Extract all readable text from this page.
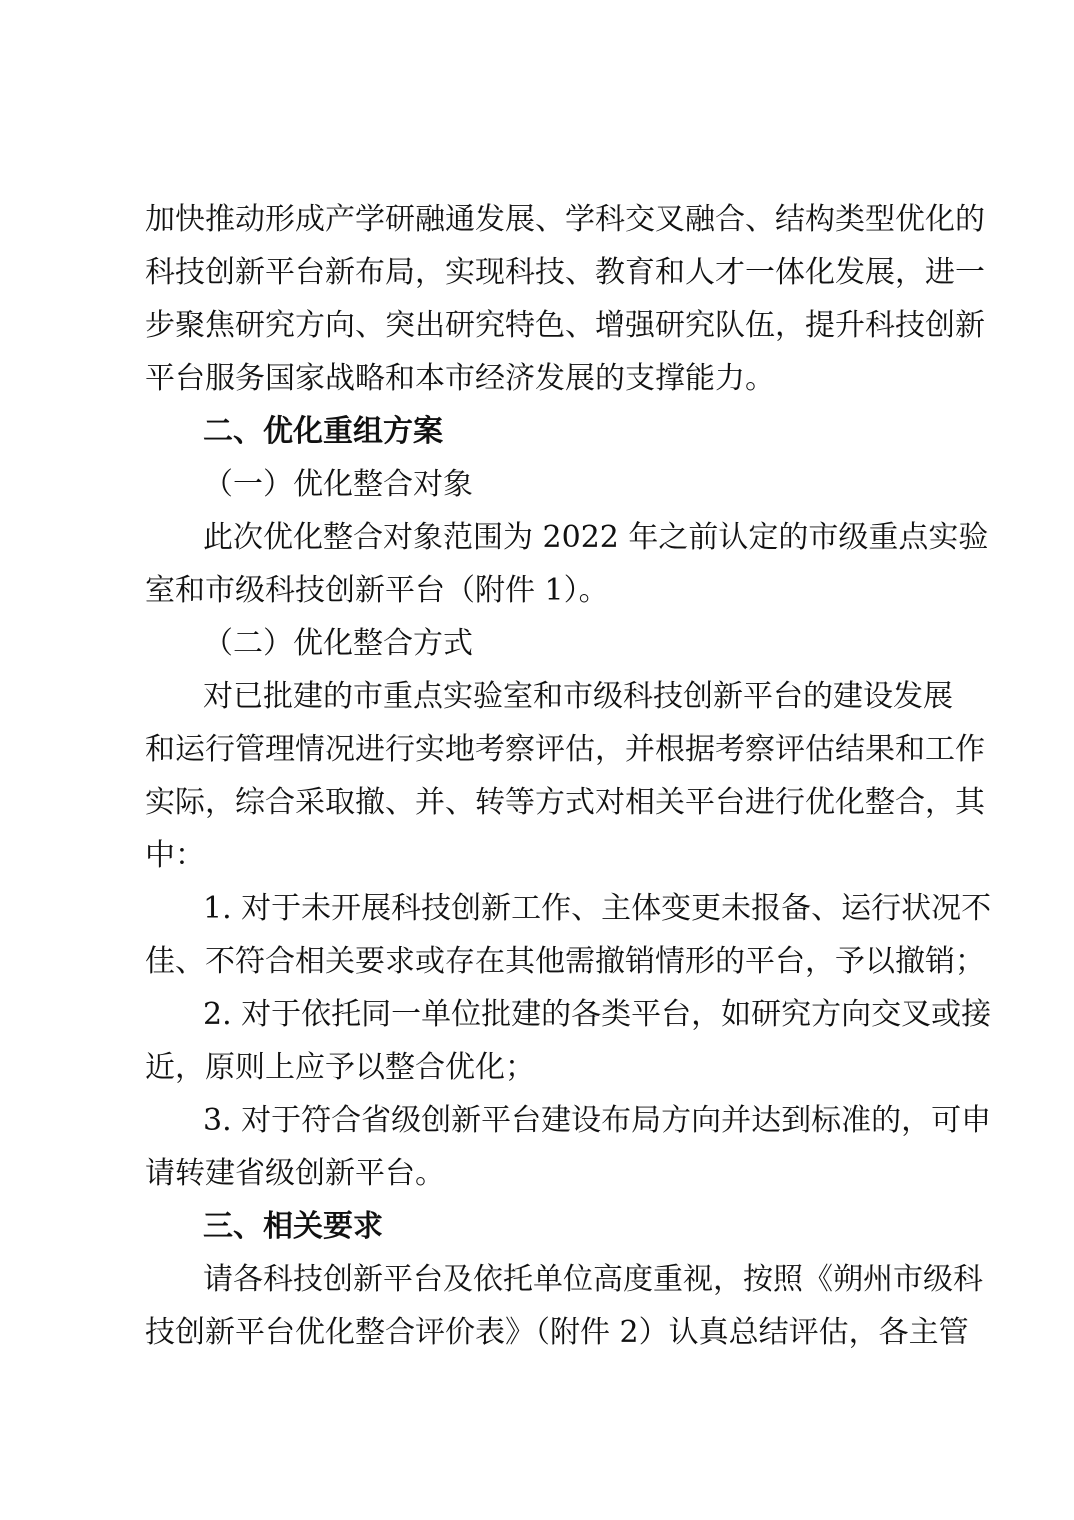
加快推动形成产学研融通发展、学科交叉融合、结构类型优化的
科技创新平台新布局，实现科技、教育和人才一体化发展，进一
步聚焦研究方向、突出研究特色、增强研究队伍，提升科技创新
平台服务国家战略和本市经济发展的支撑能力。
二、优化重组方案
（一）优化整合对象
此次优化整合对象范围为 2022 年之前认定的市级重点实验
室和市级科技创新平台（附件 1）。
（二）优化整合方式
对已批建的市重点实验室和市级科技创新平台的建设发展
和运行管理情况进行实地考察评估，并根据考察评估结果和工作
实际，综合采取撤、并、转等方式对相关平台进行优化整合，其
中：
1. 对于未开展科技创新工作、主体变更未报备、运行状况不
佳、不符合相关要求或存在其他需撤销情形的平台，予以撤销；
2. 对于依托同一单位批建的各类平台，如研究方向交叉或接
近，原则上应予以整合优化；
3. 对于符合省级创新平台建设布局方向并达到标准的，可申
请转建省级创新平台。
三、相关要求
请各科技创新平台及依托单位高度重视，按照《朔州市级科
技创新平台优化整合评价表》（附件 2）认真总结评估，各主管
